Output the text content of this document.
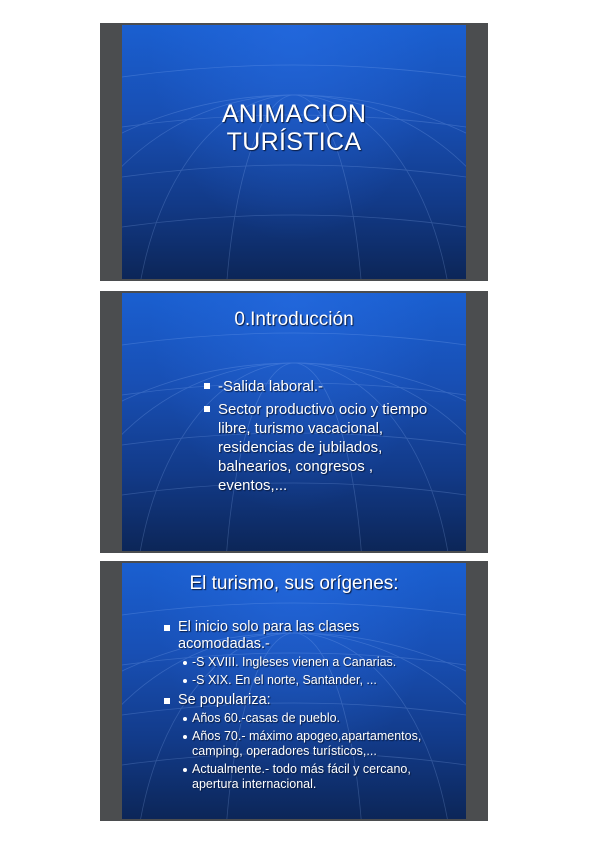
ANIMACION
TURÍSTICA
0.Introducción
-Salida laboral.-
Sector productivo ocio y tiempo libre, turismo vacacional, residencias de jubilados, balnearios, congresos , eventos,...
El turismo, sus orígenes:
El inicio solo para las clases acomodadas.-
-S XVIII. Ingleses vienen a Canarias.
-S XIX. En el norte, Santander, ...
Se populariza:
Años 60.-casas de pueblo.
Años 70.- máximo apogeo,apartamentos, camping, operadores turísticos,...
Actualmente.- todo más fácil y cercano, apertura internacional.
